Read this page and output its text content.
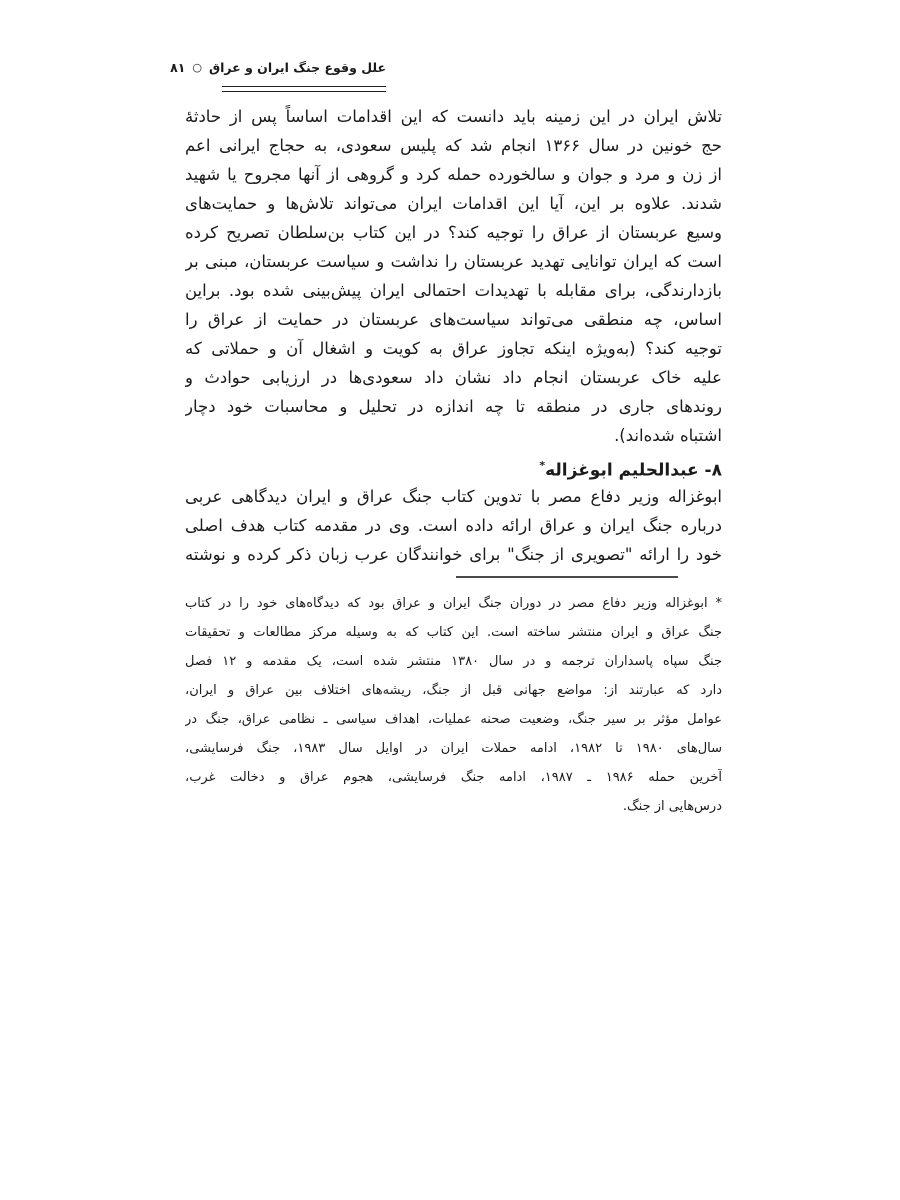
علل وقوع جنگ ایران و عراق○۸۱
تلاش ایران در این زمینه باید دانست که این اقدامات اساساً پس از حادثۀ
حج خونین در سال ۱۳۶۶ انجام شد که پلیس سعودی، به حجاج ایرانی اعم
از زن و مرد و جوان و سالخورده حمله کرد و گروهی از آنها مجروح یا شهید
شدند. علاوه بر این، آیا این اقدامات ایران می‌تواند تلاش‌ها و حمایت‌های
وسیع عربستان از عراق را توجیه کند؟ در این کتاب بن‌سلطان تصریح کرده
است که ایران توانایی تهدید عربستان را نداشت و سیاست عربستان، مبنی بر
بازدارندگی، برای مقابله با تهدیدات احتمالی ایران پیش‌بینی شده بود. براین
اساس، چه منطقی می‌تواند سیاست‌های عربستان در حمایت از عراق را
توجیه کند؟ (به‌ویژه اینکه تجاوز عراق به کویت و اشغال آن و حملاتی که
علیه خاک عربستان انجام داد نشان داد سعودی‌ها در ارزیابی حوادث و
روندهای جاری در منطقه تا چه اندازه در تحلیل و محاسبات خود دچار
اشتباه شده‌اند).
۸- عبدالحلیم ابوغزاله*
ابوغزاله وزیر دفاع مصر با تدوین کتاب جنگ عراق و ایران دیدگاهی عربی
درباره جنگ ایران و عراق ارائه داده است. وی در مقدمه کتاب هدف اصلی
خود را ارائه "تصویری از جنگ" برای خوانندگان عرب زبان ذکر کرده و نوشته
* ابوغزاله وزیر دفاع مصر در دوران جنگ ایران و عراق بود که دیدگاه‌های خود را در کتاب
جنگ عراق و ایران منتشر ساخته است. این کتاب که به وسیله مرکز مطالعات و تحقیقات
جنگ سپاه پاسداران ترجمه و در سال ۱۳۸۰ منتشر شده است، یک مقدمه و ۱۲ فصل
دارد که عبارتند از: مواضع جهانی قبل از جنگ، ریشه‌های اختلاف بین عراق و ایران،
عوامل مؤثر بر سیر جنگ، وضعیت صحنه عملیات، اهداف سیاسی ـ نظامی عراق، جنگ در
سال‌های ۱۹۸۰ تا ۱۹۸۲، ادامه حملات ایران در اوایل سال ۱۹۸۳، جنگ فرسایشی،
آخرین حمله ۱۹۸۶ ـ ۱۹۸۷، ادامه جنگ فرسایشی، هجوم عراق و دخالت غرب،
درس‌هایی از جنگ.
